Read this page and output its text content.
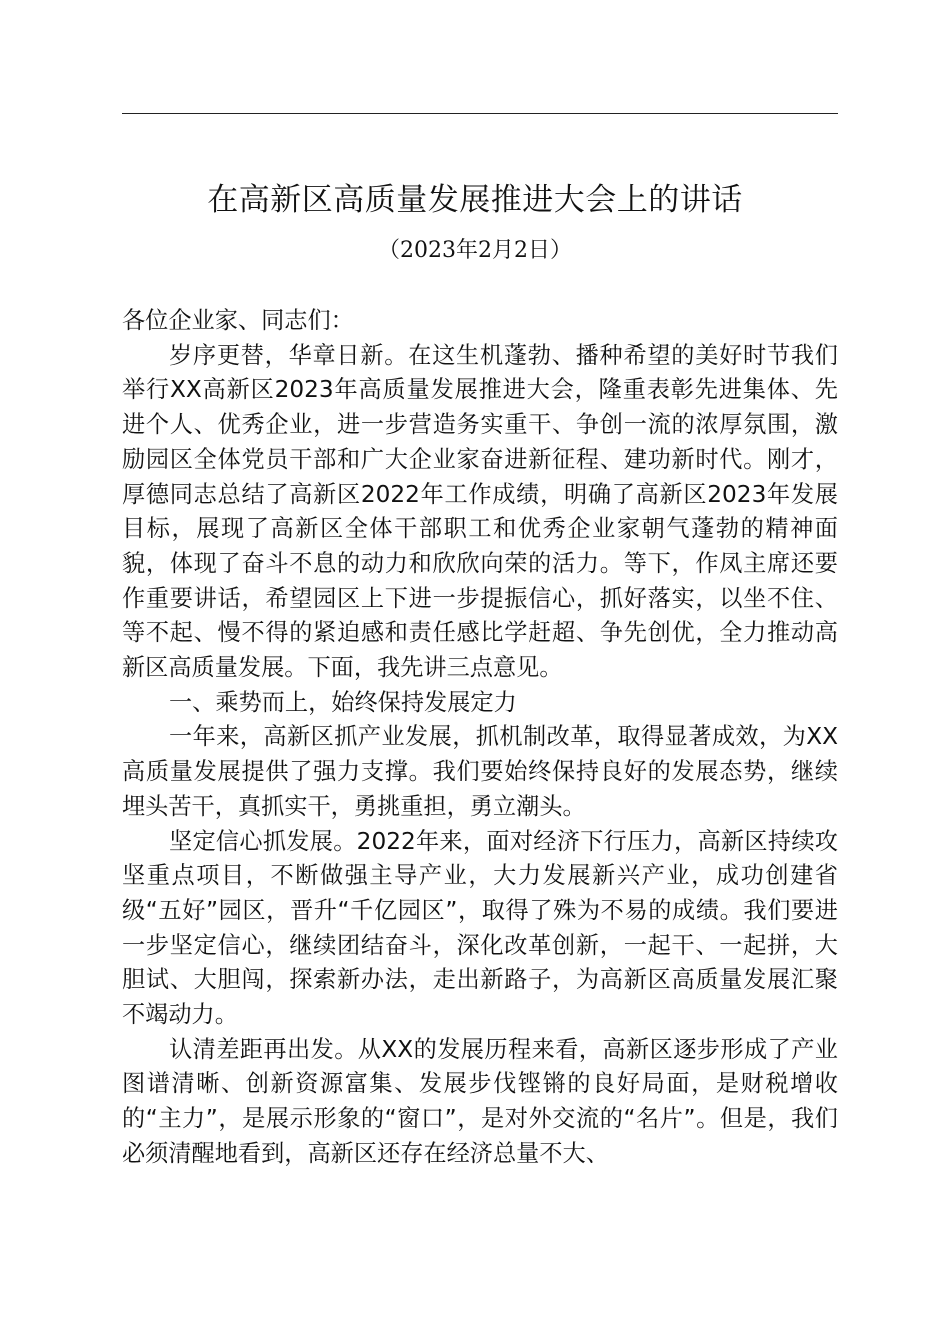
在高新区高质量发展推进大会上的讲话
（2023年2月2日）

各位企业家、同志们：

岁序更替，华章日新。在这生机蓬勃、播种希望的美好时节我们举行XX高新区2023年高质量发展推进大会，隆重表彰先进集体、先进个人、优秀企业，进一步营造务实重干、争创一流的浓厚氛围，激励园区全体党员干部和广大企业家奋进新征程、建功新时代。刚才，厚德同志总结了高新区2022年工作成绩，明确了高新区2023年发展目标，展现了高新区全体干部职工和优秀企业家朝气蓬勃的精神面貌，体现了奋斗不息的动力和欣欣向荣的活力。等下，作凤主席还要作重要讲话，希望园区上下进一步提振信心，抓好落实，以坐不住、等不起、慢不得的紧迫感和责任感比学赶超、争先创优，全力推动高新区高质量发展。下面，我先讲三点意见。

一、乘势而上，始终保持发展定力

一年来，高新区抓产业发展，抓机制改革，取得显著成效，为XX高质量发展提供了强力支撑。我们要始终保持良好的发展态势，继续埋头苦干，真抓实干，勇挑重担，勇立潮头。

坚定信心抓发展。2022年来，面对经济下行压力，高新区持续攻坚重点项目，不断做强主导产业，大力发展新兴产业，成功创建省级“五好”园区，晋升“千亿园区”，取得了殊为不易的成绩。我们要进一步坚定信心，继续团结奋斗，深化改革创新，一起干、一起拼，大胆试、大胆闯，探索新办法，走出新路子，为高新区高质量发展汇聚不竭动力。

认清差距再出发。从XX的发展历程来看，高新区逐步形成了产业图谱清晰、创新资源富集、发展步伐铿锵的良好局面，是财税增收的“主力”，是展示形象的“窗口”，是对外交流的“名片”。但是，我们必须清醒地看到，高新区还存在经济总量不大、
